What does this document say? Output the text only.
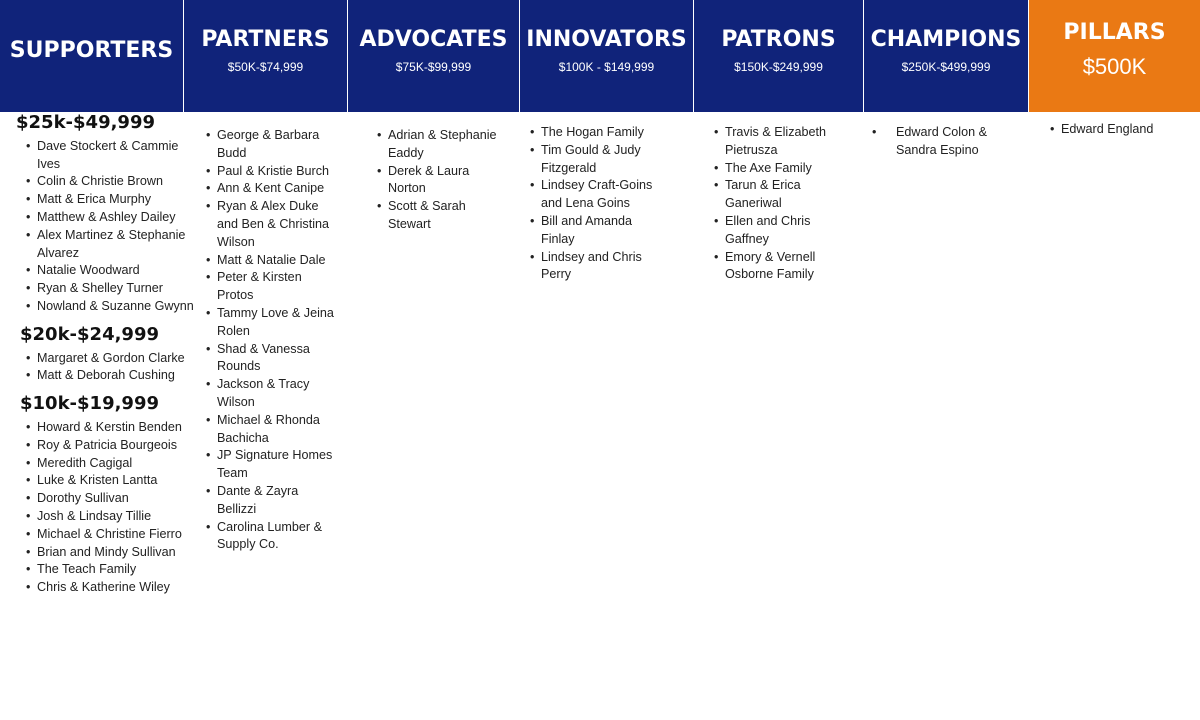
SUPPORTERS	PARTNERS
$50K-$74,999
ADVOCATES
$75K-$99,999
INNOVATORS
$100K - $149,999
PATRONS
$150K-$249,999
CHAMPIONS
$250K-$499,999
PILLARS
$500K
$25k-$49,999
• Dave Stockert & Cammie Ives
• Colin & Christie Brown
• Matt & Erica Murphy
• Matthew & Ashley Dailey
• Alex Martinez & Stephanie Alvarez
• Natalie Woodward
• Ryan & Shelley Turner
• Nowland & Suzanne Gwynn
$20k-$24,999
• Margaret & Gordon Clarke
• Matt & Deborah Cushing
$10k-$19,999
• Howard & Kerstin Benden
• Roy & Patricia Bourgeois
• Meredith Cagigal
• Luke & Kristen Lantta
• Dorothy Sullivan
• Josh & Lindsay Tillie
• Michael & Christine Fierro
• Brian and Mindy Sullivan
• The Teach Family
• Chris & Katherine Wiley
• George & Barbara Budd
• Paul & Kristie Burch
• Ann & Kent Canipe
• Ryan & Alex Duke and Ben & Christina Wilson
• Matt & Natalie Dale
• Peter & Kirsten Protos
• Tammy Love & Jeina Rolen
• Shad & Vanessa Rounds
• Jackson & Tracy Wilson
• Michael & Rhonda Bachicha
• JP Signature Homes Team
• Dante & Zayra Bellizzi
• Carolina Lumber & Supply Co.
• Adrian & Stephanie Eaddy
• Derek & Laura Norton
• Scott & Sarah Stewart
• The Hogan Family
• Tim Gould & Judy Fitzgerald
• Lindsey Craft-Goins and Lena Goins
• Bill and Amanda Finlay
• Lindsey and Chris Perry
• Travis & Elizabeth Pietrusza
• The Axe Family
• Tarun & Erica Ganeriwal
• Ellen and Chris Gaffney
• Emory & Vernell Osborne Family
• Edward Colon & Sandra Espino
• Edward England
